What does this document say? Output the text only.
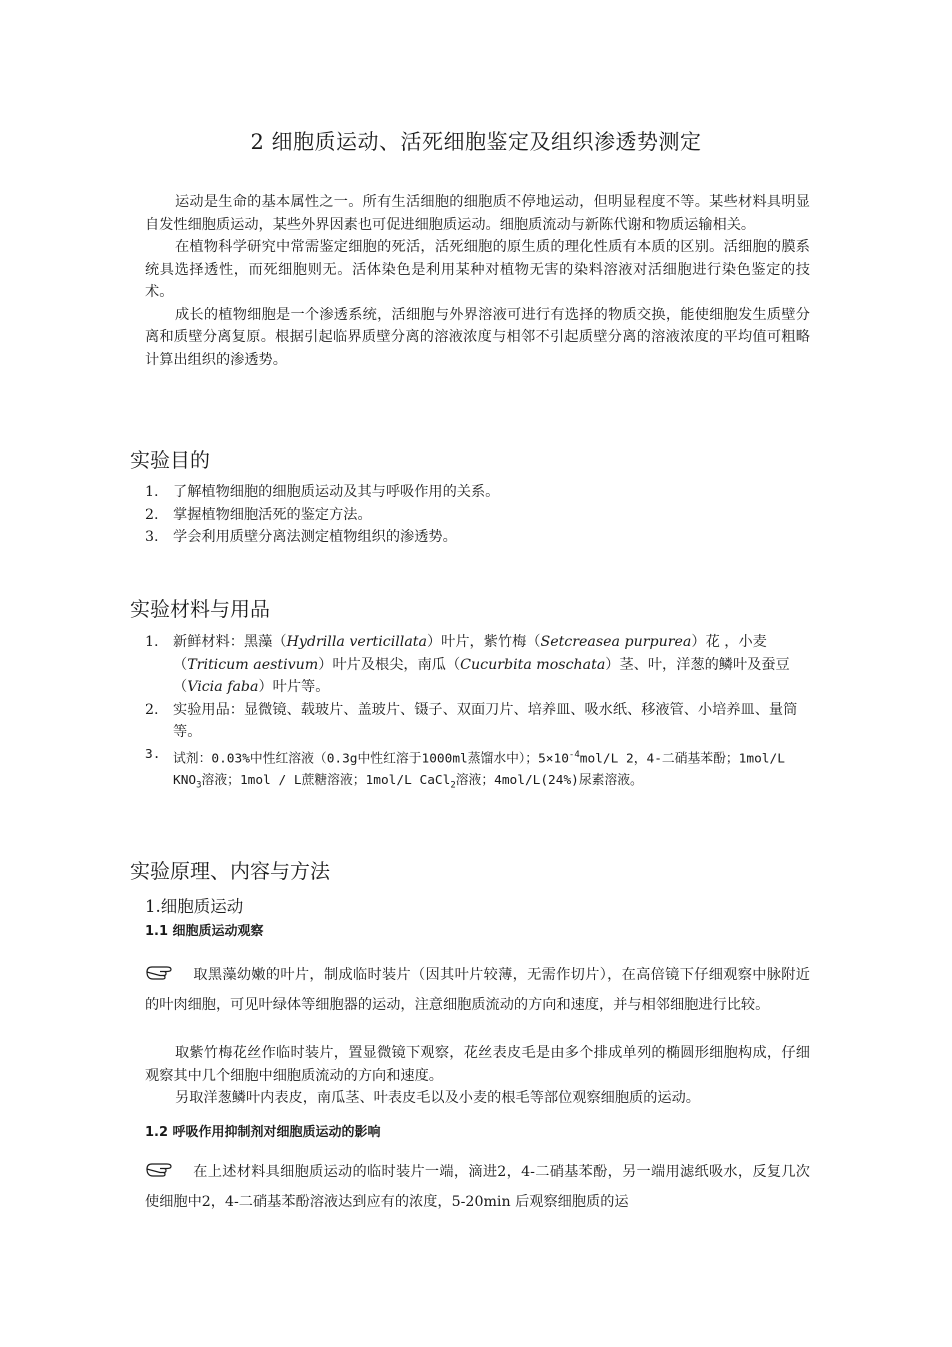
2 细胞质运动、活死细胞鉴定及组织渗透势测定

运动是生命的基本属性之一。所有生活细胞的细胞质不停地运动，但明显程度不等。某些材料具明显自发性细胞质运动，某些外界因素也可促进细胞质运动。细胞质流动与新陈代谢和物质运输相关。

在植物科学研究中常需鉴定细胞的死活，活死细胞的原生质的理化性质有本质的区别。活细胞的膜系统具选择透性，而死细胞则无。活体染色是利用某种对植物无害的染料溶液对活细胞进行染色鉴定的技术。

成长的植物细胞是一个渗透系统，活细胞与外界溶液可进行有选择的物质交换，能使细胞发生质壁分离和质壁分离复原。根据引起临界质壁分离的溶液浓度与相邻不引起质壁分离的溶液浓度的平均值可粗略计算出组织的渗透势。

实验目的
1. 了解植物细胞的细胞质运动及其与呼吸作用的关系。
2. 掌握植物细胞活死的鉴定方法。
3. 学会利用质壁分离法测定植物组织的渗透势。
实验材料与用品
1. 新鲜材料：黑藻（Hydrilla verticillata）叶片，紫竹梅（Setcreasea purpurea）花 ，小麦（Triticum aestivum）叶片及根尖，南瓜（Cucurbita moschata）茎、叶，洋葱的鳞叶及蚕豆（Vicia faba）叶片等。
2. 实验用品：显微镜、载玻片、盖玻片、镊子、双面刀片、培养皿、吸水纸、移液管、小培养皿、量筒等。
3. 试剂：0.03%中性红溶液（0.3g中性红溶于1000ml蒸馏水中）；$5\times 10^{-4}mol/L$ 2，4-二硝基苯酚；1mol/L $KNO_3$溶液；1mol / L蔗糖溶液；1mol/L CaCl$_2$溶液；4mol/L(24%)尿素溶液。
实验原理、内容与方法
1.细胞质运动
1.1 细胞质运动观察

取黑藻幼嫩的叶片，制成临时装片（因其叶片较薄，无需作切片），在高倍镜下仔细观察中脉附近的叶肉细胞，可见叶绿体等细胞器的运动，注意细胞质流动的方向和速度，并与相邻细胞进行比较。

取紫竹梅花丝作临时装片，置显微镜下观察，花丝表皮毛是由多个排成单列的椭圆形细胞构成，仔细观察其中几个细胞中细胞质流动的方向和速度。

另取洋葱鳞叶内表皮，南瓜茎、叶表皮毛以及小麦的根毛等部位观察细胞质的运动。

1.2 呼吸作用抑制剂对细胞质运动的影响

在上述材料具细胞质运动的临时装片一端，滴进2，4-二硝基苯酚，另一端用滤纸吸水，反复几次使细胞中2，4-二硝基苯酚溶液达到应有的浓度，5-20min 后观察细胞质的运
